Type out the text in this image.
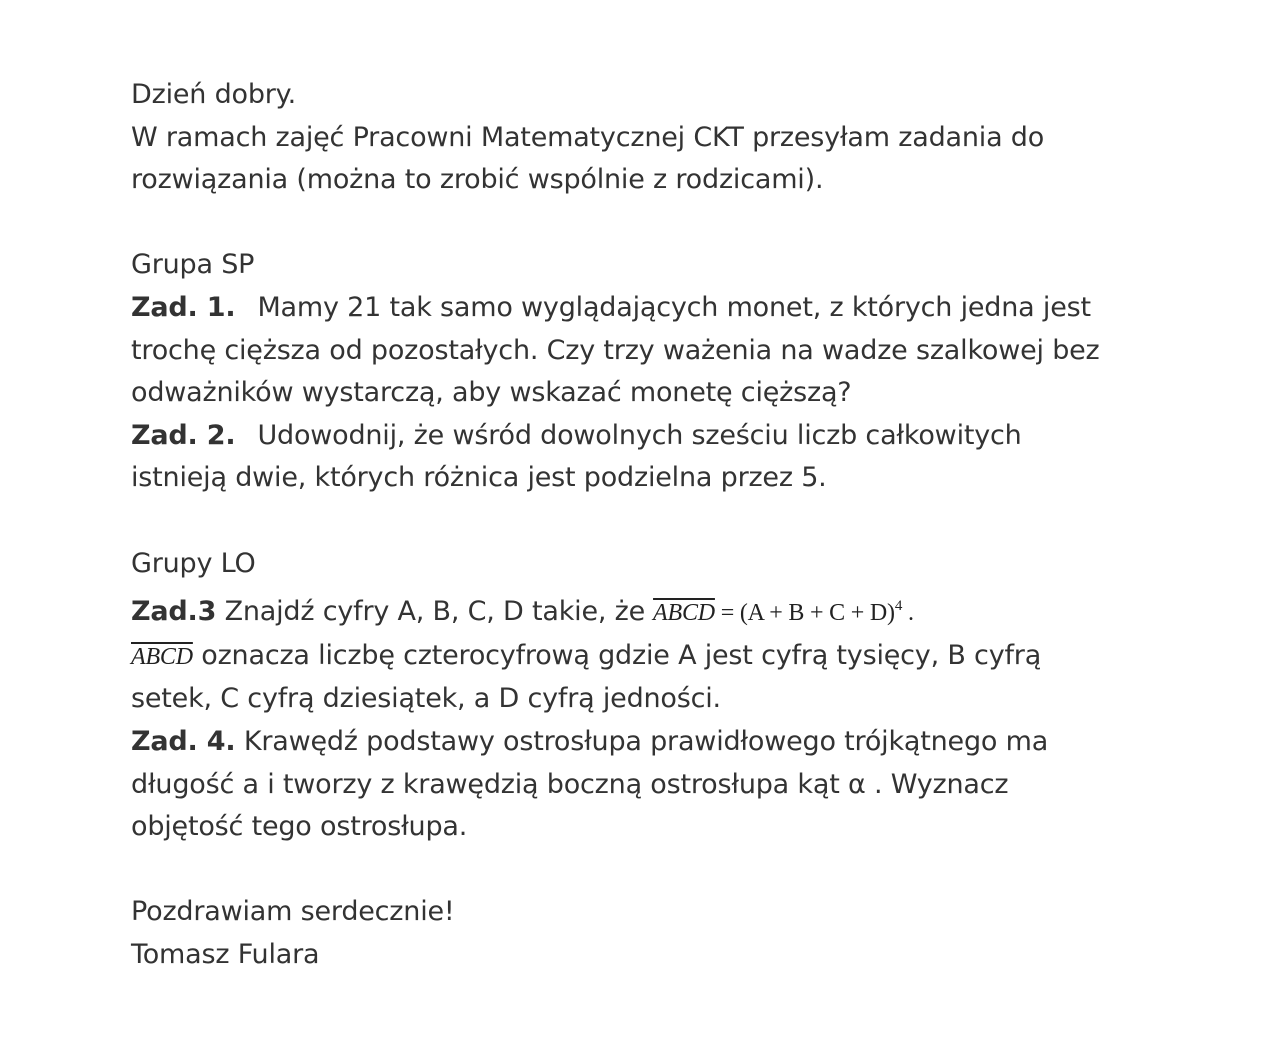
Dzień dobry.
W ramach zajęć Pracowni Matematycznej CKT przesyłam zadania do
rozwiązania (można to zrobić wspólnie z rodzicami).
Grupa SP
Zad. 1. Mamy 21 tak samo wyglądających monet, z których jedna jest
trochę cięższa od pozostałych. Czy trzy ważenia na wadze szalkowej bez
odważników wystarczą, aby wskazać monetę cięższą?
Zad. 2. Udowodnij, że wśród dowolnych sześciu liczb całkowitych
istnieją dwie, których różnica jest podzielna przez 5.
Grupy LO
Zad.3 Znajdź cyfry A, B, C, D takie, że ABCD = $(A + B + C + D)^4$ .
ABCD oznacza liczbę czterocyfrową gdzie A jest cyfrą tysięcy, B cyfrą
setek, C cyfrą dziesiątek, a D cyfrą jedności.
Zad. 4. Krawędź podstawy ostrosłupa prawidłowego trójkątnego ma
długość a i tworzy z krawędzią boczną ostrosłupa kąt α . Wyznacz
objętość tego ostrosłupa.
Pozdrawiam serdecznie!
Tomasz Fulara
